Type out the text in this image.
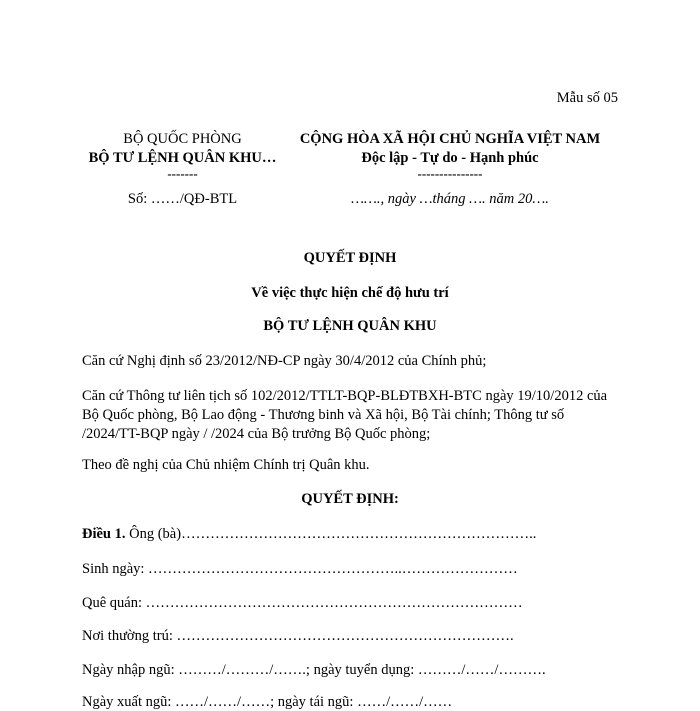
Mẫu số 05
BỘ QUỐC PHÒNG
BỘ TƯ LỆNH QUÂN KHU…
-------
CỘNG HÒA XÃ HỘI CHỦ NGHĨA VIỆT NAM
Độc lập - Tự do - Hạnh phúc
---------------
Số: ……/QĐ-BTL	……., ngày …tháng …. năm 20….
QUYẾT ĐỊNH
Về việc thực hiện chế độ hưu trí
BỘ TƯ LỆNH QUÂN KHU
Căn cứ Nghị định số 23/2012/NĐ-CP ngày 30/4/2012 của Chính phủ;
Căn cứ Thông tư liên tịch số 102/2012/TTLT-BQP-BLĐTBXH-BTC ngày 19/10/2012 của Bộ Quốc phòng, Bộ Lao động - Thương binh và Xã hội, Bộ Tài chính; Thông tư số /2024/TT-BQP ngày / /2024 của Bộ trưởng Bộ Quốc phòng;
Theo đề nghị của Chủ nhiệm Chính trị Quân khu.
QUYẾT ĐỊNH:
Điều 1. Ông (bà)………………………………………………………………..
Sinh ngày: ……………………………………………..……………………
Quê quán: ……………………………………………………………………
Nơi thường trú: …………………………………………………………….
Ngày nhập ngũ: ………/………/…….; ngày tuyển dụng: ………/……/……….
Ngày xuất ngũ: ……/……/……; ngày tái ngũ: ……/……/……
